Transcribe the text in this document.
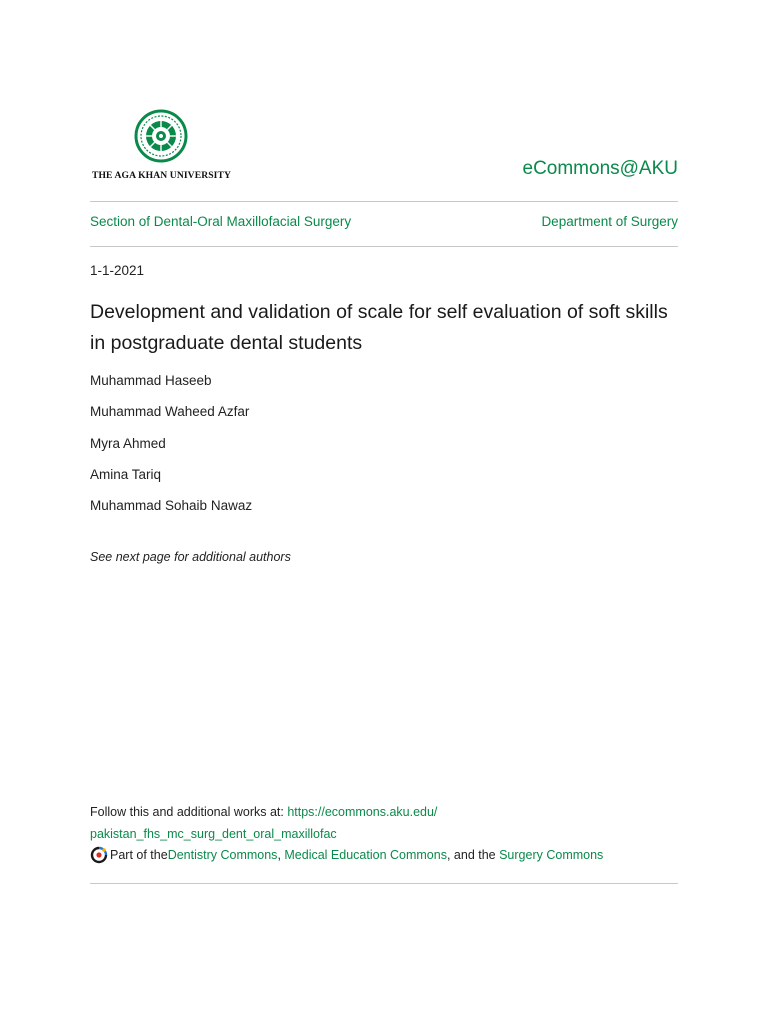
THE AGA KHAN UNIVERSITY	eCommons@AKU
Section of Dental-Oral Maxillofacial Surgery	Department of Surgery
1-1-2021
Development and validation of scale for self evaluation of soft skills in postgraduate dental students
Muhammad Haseeb
Muhammad Waheed Azfar
Myra Ahmed
Amina Tariq
Muhammad Sohaib Nawaz
See next page for additional authors
Follow this and additional works at: https://ecommons.aku.edu/
pakistan_fhs_mc_surg_dent_oral_maxillofac
Part of the Dentistry Commons , Medical Education Commons , and the Surgery Commons
